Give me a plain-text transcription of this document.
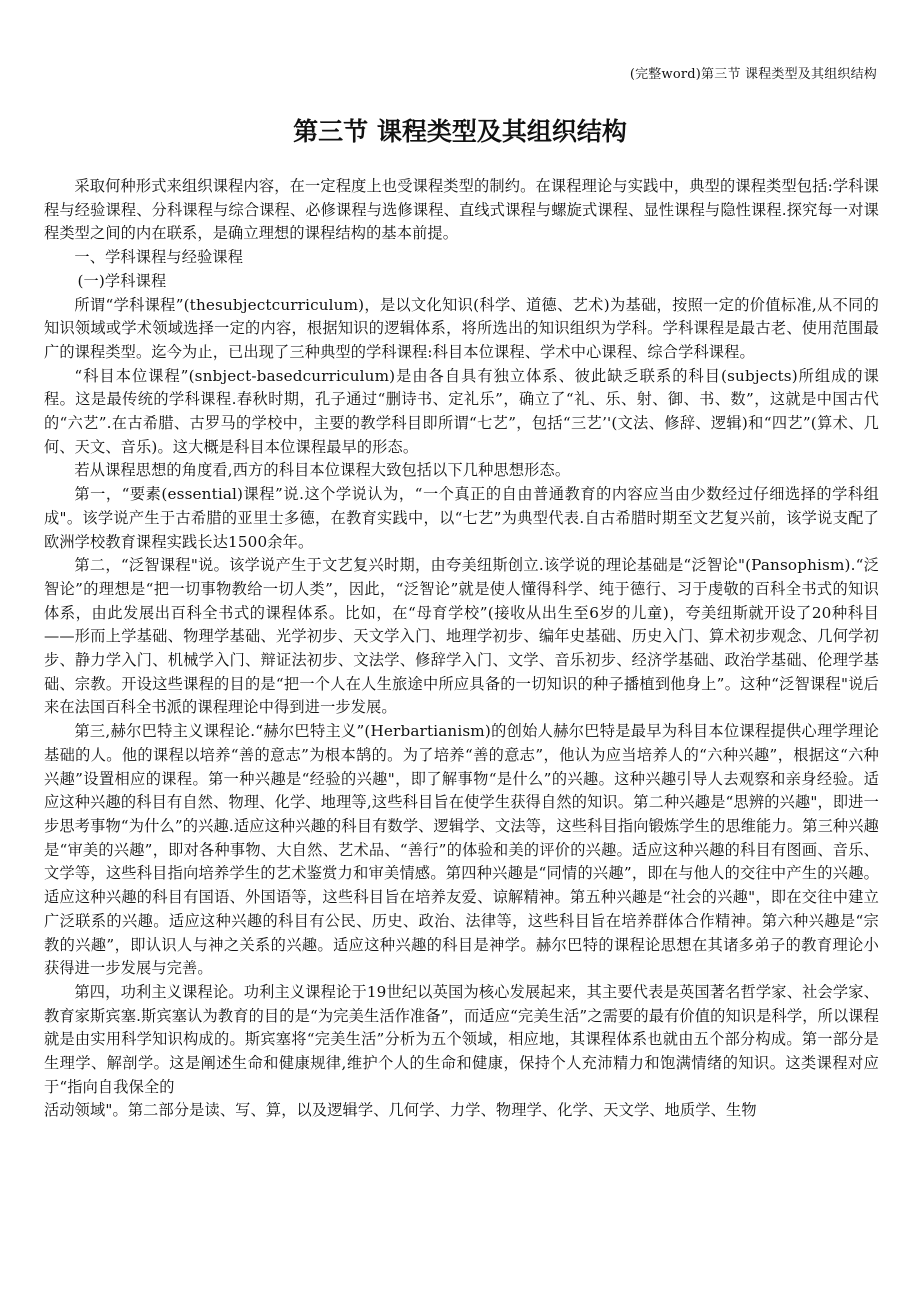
(完整word)第三节 课程类型及其组织结构
第三节 课程类型及其组织结构

采取何种形式来组织课程内容，在一定程度上也受课程类型的制约。在课程理论与实践中，典型的课程类型包括:学科课程与经验课程、分科课程与综合课程、必修课程与选修课程、直线式课程与螺旋式课程、显性课程与隐性课程.探究每一对课程类型之间的内在联系，是确立理想的课程结构的基本前提。

一、学科课程与经验课程

(一)学科课程

所谓“学科课程”(thesubjectcurriculum)，是以文化知识(科学、道德、艺术)为基础，按照一定的价值标准,从不同的知识领域或学术领域选择一定的内容，根据知识的逻辑体系，将所选出的知识组织为学科。学科课程是最古老、使用范围最广的课程类型。迄今为止，已出现了三种典型的学科课程:科目本位课程、学术中心课程、综合学科课程。

“科目本位课程”(snbject-basedcurriculum)是由各自具有独立体系、彼此缺乏联系的科目(subjects)所组成的课程。这是最传统的学科课程.春秋时期，孔子通过“删诗书、定礼乐”，确立了“礼、乐、射、御、书、数”，这就是中国古代的“六艺”.在古希腊、古罗马的学校中，主要的教学科目即所谓“七艺”，包括“三艺’'(文法、修辞、逻辑)和“四艺”(算术、几何、天文、音乐)。这大概是科目本位课程最早的形态。

若从课程思想的角度看,西方的科目本位课程大致包括以下几种思想形态。

第一，“要素(essential)课程”说.这个学说认为，“一个真正的自由普通教育的内容应当由少数经过仔细选择的学科组成"。该学说产生于古希腊的亚里士多德，在教育实践中，以“七艺”为典型代表.自古希腊时期至文艺复兴前，该学说支配了欧洲学校教育课程实践长达1500余年。

第二，“泛智课程"说。该学说产生于文艺复兴时期，由夸美纽斯创立.该学说的理论基础是“泛智论"(Pansophism).“泛智论”的理想是“把一切事物教给一切人类”，因此，“泛智论”就是使人懂得科学、纯于德行、习于虔敬的百科全书式的知识体系，由此发展出百科全书式的课程体系。比如，在“母育学校”(接收从出生至6岁的儿童)，夸美纽斯就开设了20种科目——形而上学基础、物理学基础、光学初步、天文学入门、地理学初步、编年史基础、历史入门、算术初步观念、几何学初步、静力学入门、机械学入门、辩证法初步、文法学、修辞学入门、文学、音乐初步、经济学基础、政治学基础、伦理学基础、宗教。开设这些课程的目的是“把一个人在人生旅途中所应具备的一切知识的种子播植到他身上”。这种“泛智课程"说后来在法国百科全书派的课程理论中得到进一步发展。

第三,赫尔巴特主义课程论.“赫尔巴特主义”(Herbartianism)的创始人赫尔巴特是最早为科目本位课程提供心理学理论基础的人。他的课程以培养“善的意志”为根本鹄的。为了培养“善的意志”，他认为应当培养人的“六种兴趣”，根据这“六种兴趣”设置相应的课程。第一种兴趣是“经验的兴趣"，即了解事物“是什么”的兴趣。这种兴趣引导人去观察和亲身经验。适应这种兴趣的科目有自然、物理、化学、地理等,这些科目旨在使学生获得自然的知识。第二种兴趣是“思辨的兴趣"，即进一步思考事物“为什么”的兴趣.适应这种兴趣的科目有数学、逻辑学、文法等，这些科目指向锻炼学生的思维能力。第三种兴趣是“审美的兴趣”，即对各种事物、大自然、艺术品、“善行”的体验和美的评价的兴趣。适应这种兴趣的科目有图画、音乐、文学等，这些科目指向培养学生的艺术鉴赏力和审美情感。第四种兴趣是“同情的兴趣”，即在与他人的交往中产生的兴趣。适应这种兴趣的科目有国语、外国语等，这些科目旨在培养友爱、谅解精神。第五种兴趣是“社会的兴趣"，即在交往中建立广泛联系的兴趣。适应这种兴趣的科目有公民、历史、政治、法律等，这些科目旨在培养群体合作精神。第六种兴趣是“宗教的兴趣”，即认识人与神之关系的兴趣。适应这种兴趣的科目是神学。赫尔巴特的课程论思想在其诸多弟子的教育理论小获得进一步发展与完善。

第四，功利主义课程论。功利主义课程论于19世纪以英国为核心发展起来，其主要代表是英国著名哲学家、社会学家、教育家斯宾塞.斯宾塞认为教育的目的是“为完美生活作准备”，而适应“完美生活”之需要的最有价值的知识是科学，所以课程就是由实用科学知识构成的。斯宾塞将“完美生活”分析为五个领域，相应地，其课程体系也就由五个部分构成。第一部分是生理学、解剖学。这是阐述生命和健康规律,维护个人的生命和健康，保持个人充沛精力和饱满情绪的知识。这类课程对应于“指向自我保全的

活动领域"。第二部分是读、写、算，以及逻辑学、几何学、力学、物理学、化学、天文学、地质学、生物
